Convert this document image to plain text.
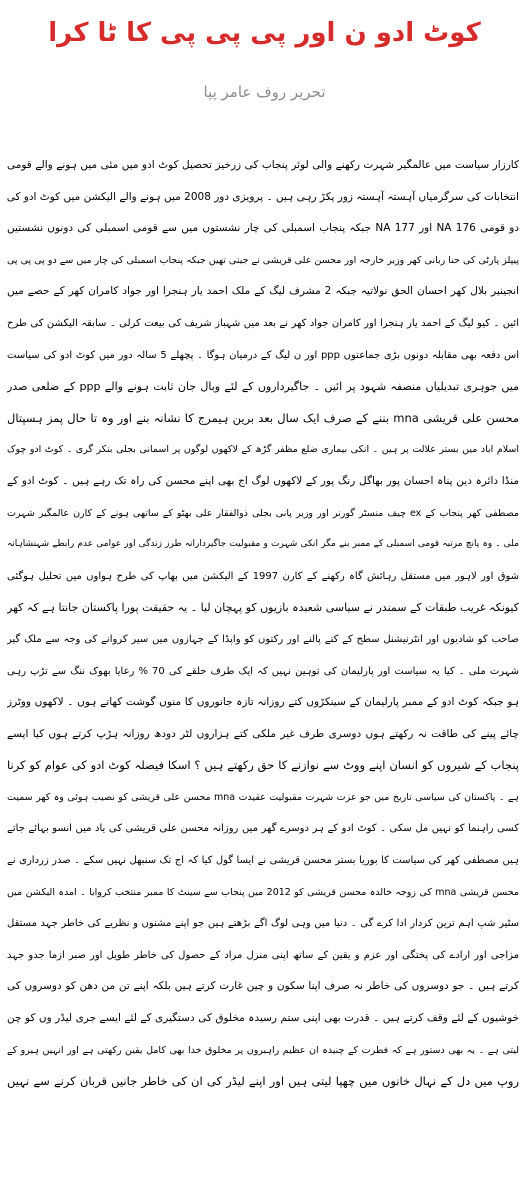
کوٹ ادو ن اور پی پی پی کا ٹا کرا
تحریر روف عامر پپا
کارزار سیاست میں عالمگیر شہرت رکھنے والی لوئر پنجاب کی زرخیز تحصیل کوٹ ادو میں مئی میں ہونے والے قومی
انتخابات کی سرگرمیاں آہستہ آہستہ زور پکڑ رہی ہیں ۔ پرویزی دور 2008 میں ہونے والے الیکشن میں کوٹ ادو کی
دو قومی 176 NA اور 177 NA جبکہ پنجاب اسمبلی کی چار نشستوں میں سے قومی اسمبلی کی دونوں نشستیں
پیپلز پارٹی کی حنا ربانی کھر وزیر خارجہ اور محسن علی قریشی نے جیتی تھیں جبکہ پنجاب اسمبلی کی چار میں سے دو پی پی پی
انجینیر بلال کھر احسان الحق نولاتیہ جبکہ 2 مشرف لیگ کے ملک احمد یار ہنجرا اور جواد کامران کھر کے حصے میں
ائیں ۔ کیو لیگ کے احمد یار ہنجرا اور کامران جواد کھر نے بعد میں شہباز شریف کی بیعت کرلی ۔ سابقہ الیکشن کی طرح
اس دفعہ بھی مقابلہ دونوں بڑی جماعتوں ppp اور ن لیگ کے درمیان ہوگا ۔ پچھلے 5 سالہ دور میں کوٹ ادو کی سیاست
میں جوہری تبدیلیاں منصفہ شہود پر ائیں ۔ جاگیرداروں کے لئے وبال جان ثابت ہونے والے ppp کے ضلعی صدر
محسن علی قریشی mna بننے کے صرف ایک سال بعد برین ہیمرج کا نشانہ بنے اور وہ تا حال پمز ہسپتال
اسلام اباد میں بستر علالت پر ہیں ۔ انکی بیماری ضلع مظفر گڑھ کے لاکھوں لوگوں پر اسمانی بجلی بنکر گری ۔ کوٹ ادو چوک
منڈا دائرہ دین پناہ احسان پور بھاگل رنگ پور کے لاکھوں لوگ اج بھی اپنے محسن کی راہ تک رہے ہیں ۔ کوٹ ادو کے
مصطفی کھر پنجاب کے ex چیف منسٹر گورنر اور وزیر پانی بجلی ذوالفقار علی بھٹو کے ساتھی ہونے کے کارن عالمگیر شہرت
ملی ۔ وہ پانچ مرتبہ قومی اسمبلی کے ممبر بنے مگر انکی شہرت و مقبولیت جاگیردارانہ طرز زندگی اور عوامی عدم رابطے شہنشاہانہ
شوق اور لاہور میں مستقل رہائش گاہ رکھنے کے کارن 1997 کے الیکشن میں بھاپ کی طرح ہواوں میں تحلیل ہوگئی
کیونکہ غریب طبقات کے سمندر نے سیاسی شعبدہ بازیوں کو پہچان لیا ۔ یہ حقیقت پورا پاکستان جانتا ہے کہ کھر
صاحب کو شادیوں اور انٹرنیشنل سطح کے کتے پالنے اور رکتوں کو واپڈا کے جہازوں میں سیر کروانے کی وجہ سے ملک گیر
شہرت ملی ۔ کیا یہ سیاست اور پارلیمان کی توہین نہیں کہ ایک طرف حلقے کی 70 % رعایا بھوک ننگ سے تڑپ رہی
ہو جبکہ کوٹ ادو کے ممبر پارلیمان کے سینکڑوں کتے روزانہ تازہ جانوروں کا منوں گوشت کھاتے ہوں ۔ لاکھوں ووٹرز
چائے پینے کی طاقت نہ رکھتے ہوں دوسری طرف غیر ملکی کتے ہزاروں لٹر دودھ روزانہ ہڑپ کرتے ہوں کیا ایسے
پنجاب کے شیروں کو انسان اپنے ووٹ سے نوازنے کا حق رکھتے ہیں ؟ اسکا فیصلہ کوٹ ادو کی عوام کو کرنا
ہے ۔ پاکستان کی سیاسی تاریخ میں جو عزت شہرت مقبولیت عقیدت mna محسن علی قریشی کو نصیب ہوئی وہ کھر سمیت
کسی راہنما کو نہیں مل سکی ۔ کوٹ ادو کے ہر دوسرے گھر میں روزانہ محسن علی قریشی کی یاد میں انسو بہائے جاتے
ہیں مصطفی کھر کی سیاست کا بوریا بستر محسن قریشی نے ایسا گول کیا کہ اج تک سنبھل نہیں سکے ۔ صدر زرداری نے
محسن قریشی mna کی زوجہ خالدہ محسن قریشی کو 2012 میں پنجاب سے سینٹ کا ممبر منتخب کروایا ۔ امدہ الیکشن میں
سٹیر شپ اہم ترین کردار ادا کرے گی ۔ دنیا میں وہی لوگ اگے بڑھتے ہیں جو اپنے مشنوں و نظریے کی خاطر جہد مستقل
مزاجی اور ارادے کی پختگی اور عزم و یقین کے ساتھ اپنی منزل مراد کے حصول کی خاطر طویل اور صبر ازما جدو جہد
کرتے ہیں ۔ جو دوسروں کی خاطر نہ صرف اپنا سکون و چین غارت کرتے ہیں بلکہ اپنے تن من دھن کو دوسروں کی
خوشیوں کے لئے وقف کرتے ہیں ۔ قدرت بھی اپنی ستم رسیدہ مخلوق کی دستگیری کے لئے ایسے جری لیڈر وں کو چن
لیتی ہے ۔ یہ بھی دستور ہے کہ فطرت کے چنیدہ ان عظیم راہبروں پر مخلوق خدا بھی کامل یقین رکھتی ہے اور انہیں ہیرو کے
روپ میں دل کے نہال خانوں میں چھپا لیتی ہیں اور اپنے لیڈر کی ان کی خاطر جانیں قربان کرنے سے نہیں
